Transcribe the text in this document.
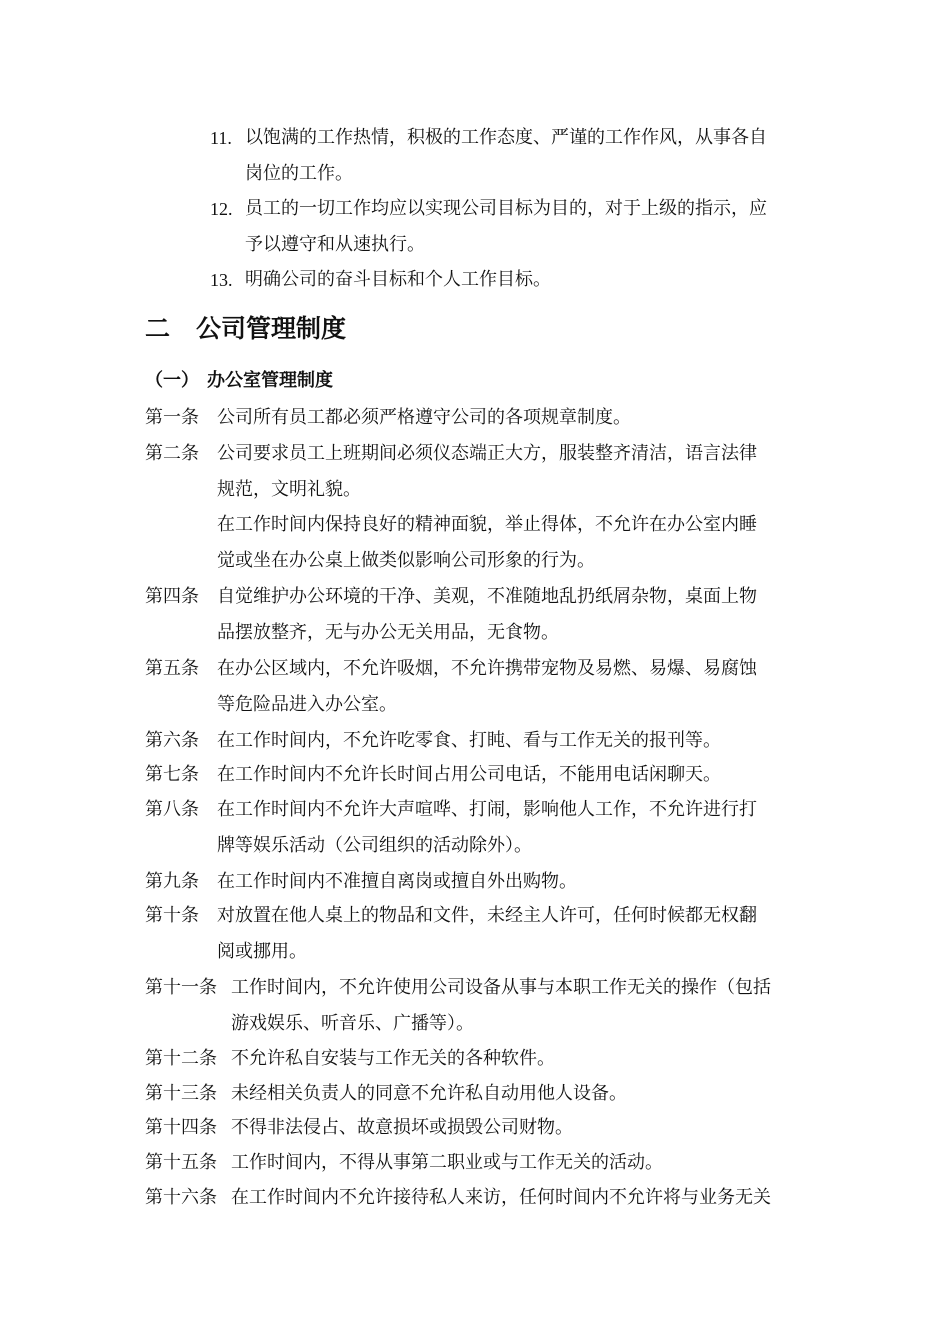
11. 以饱满的工作热情，积极的工作态度、严谨的工作作风，从事各自
岗位的工作。
12. 员工的一切工作均应以实现公司目标为目的，对于上级的指示，应
予以遵守和从速执行。
13. 明确公司的奋斗目标和个人工作目标。
二 公司管理制度
（一） 办公室管理制度
第一条 公司所有员工都必须严格遵守公司的各项规章制度。
第二条 公司要求员工上班期间必须仪态端正大方，服装整齐清洁，语言法律
规范，文明礼貌。
在工作时间内保持良好的精神面貌，举止得体，不允许在办公室内睡
觉或坐在办公桌上做类似影响公司形象的行为。
第四条 自觉维护办公环境的干净、美观，不准随地乱扔纸屑杂物，桌面上物
品摆放整齐，无与办公无关用品，无食物。
第五条 在办公区域内，不允许吸烟，不允许携带宠物及易燃、易爆、易腐蚀
等危险品进入办公室。
第六条 在工作时间内，不允许吃零食、打盹、看与工作无关的报刊等。
第七条 在工作时间内不允许长时间占用公司电话，不能用电话闲聊天。
第八条 在工作时间内不允许大声喧哗、打闹，影响他人工作，不允许进行打
牌等娱乐活动（公司组织的活动除外）。
第九条 在工作时间内不准擅自离岗或擅自外出购物。
第十条 对放置在他人桌上的物品和文件，未经主人许可，任何时候都无权翻
阅或挪用。
第十一条 工作时间内，不允许使用公司设备从事与本职工作无关的操作（包括
游戏娱乐、听音乐、广播等）。
第十二条 不允许私自安装与工作无关的各种软件。
第十三条 未经相关负责人的同意不允许私自动用他人设备。
第十四条 不得非法侵占、故意损坏或损毁公司财物。
第十五条 工作时间内，不得从事第二职业或与工作无关的活动。
第十六条 在工作时间内不允许接待私人来访，任何时间内不允许将与业务无关
